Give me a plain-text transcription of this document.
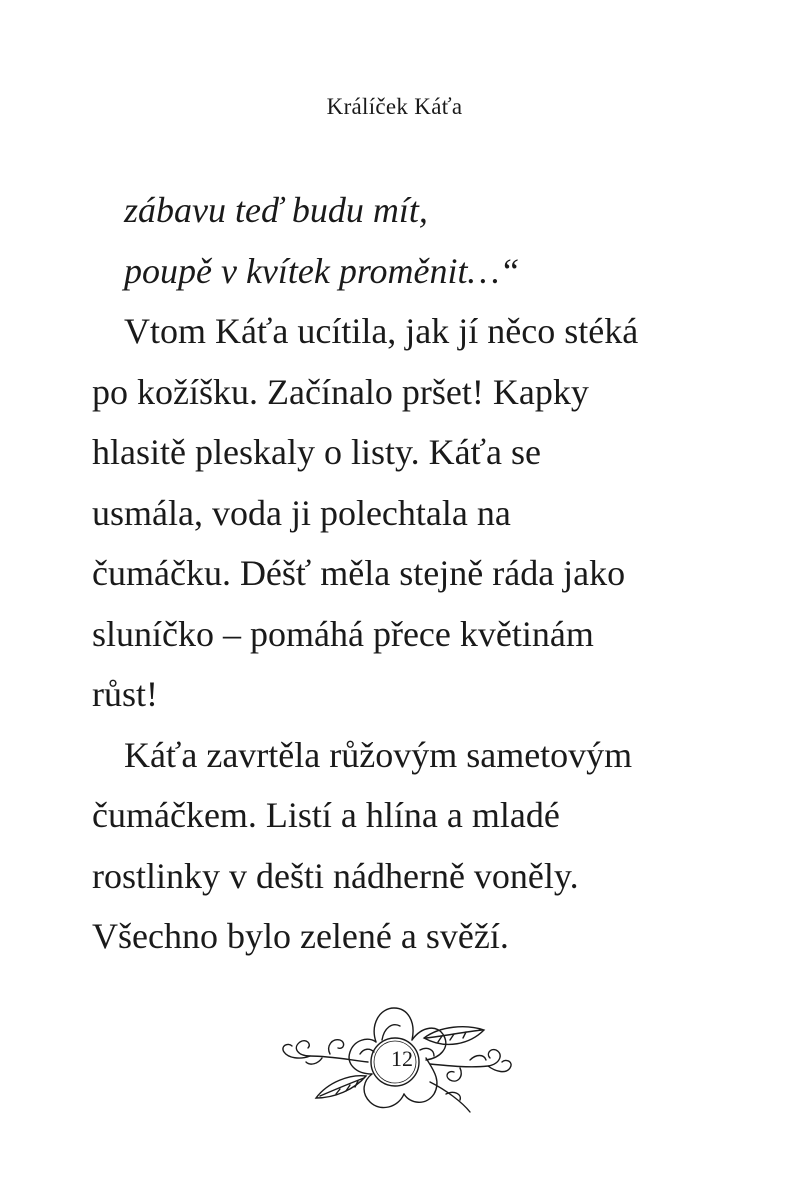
Králíček Káťa
zábavu teď budu mít,
poupě v kvítek proměnit…“
Vtom Káťa ucítila, jak jí něco stéká
po kožíšku. Začínalo pršet! Kapky
hlasitě pleskaly o listy. Káťa se
usmála, voda ji polechtala na
čumáčku. Déšť měla stejně ráda jako
sluníčko – pomáhá přece květinám
růst!
Káťa zavrtěla růžovým sametovým
čumáčkem. Listí a hlína a mladé
rostlinky v dešti nádherně voněly.
Všechno bylo zelené a svěží.
12
